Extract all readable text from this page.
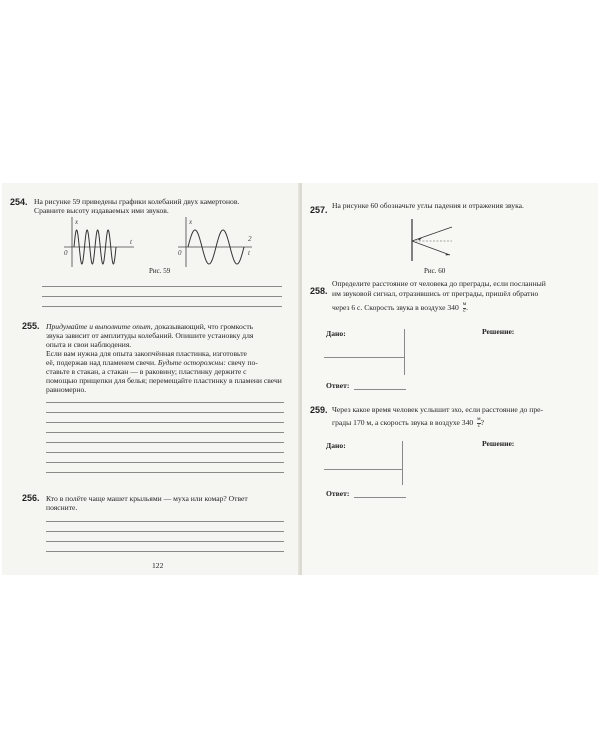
254. На рисунке 59 приведены графики колебаний двух камертонов.
Сравните высоту издаваемых ими звуков.
x
t
0
x
2
t
0
Рис. 59
255. Придумайте и выполните опыт, доказывающий, что громкость
звука зависит от амплитуды колебаний. Опишите установку для
опыта и свои наблюдения.
Если вам нужна для опыта закопчённая пластинка, изготовьте
её, подержав над пламенем свечи. Будьте осторожны: свечу по-
ставьте в стакан, а стакан — в раковину; пластинку держите с
помощью прищепки для белья; перемещайте пластинку в пламени свечи равномерно.
256. Кто в полёте чаще машет крыльями — муха или комар? Ответ
поясните.
122
257. На рисунке 60 обозначьте углы падения и отражения звука.
Рис. 60
258.
Определите расстояние от человека до преграды, если посланный
им звуковой сигнал, отразившись от преграды, пришёл обратно
через 6 с. Скорость звука в воздухе 340 м
с .
Дано:	Решение:
Ответ:
259. Через какое время человек услышит эхо, если расстояние до пре-
грады 170 м, а скорость звука в воздухе 340 м
с ?
Дано:	Решение:
Ответ:
